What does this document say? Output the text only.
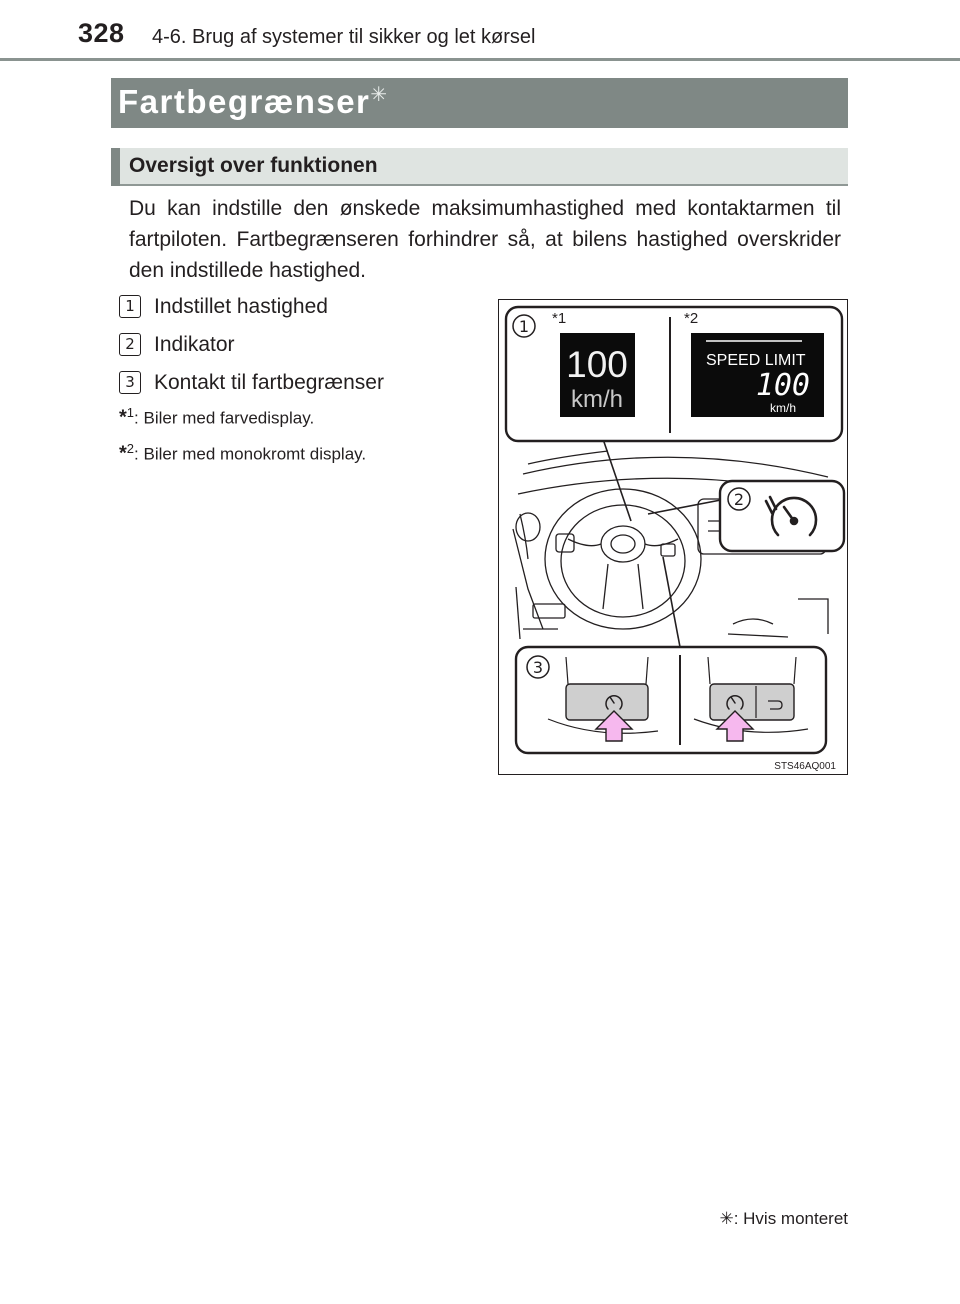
328 4-6. Brug af systemer til sikker og let kørsel
Fartbegrænser✳
Oversigt over funktionen
Du kan indstille den ønskede maksimumhastighed med kontaktarmen til fartpiloten. Fartbegrænseren forhindrer så, at bilens hastighed overskrider den indstillede hastighed.
1 Indstillet hastighed
2 Indikator
3 Kontakt til fartbegrænser
*$^1$: Biler med farvedisplay.
*$^2$: Biler med monokromt display.
1 *1	*2
100
km/h
SPEED LIMIT
100
km/h
2
3
STS46AQ001
✳: Hvis monteret
